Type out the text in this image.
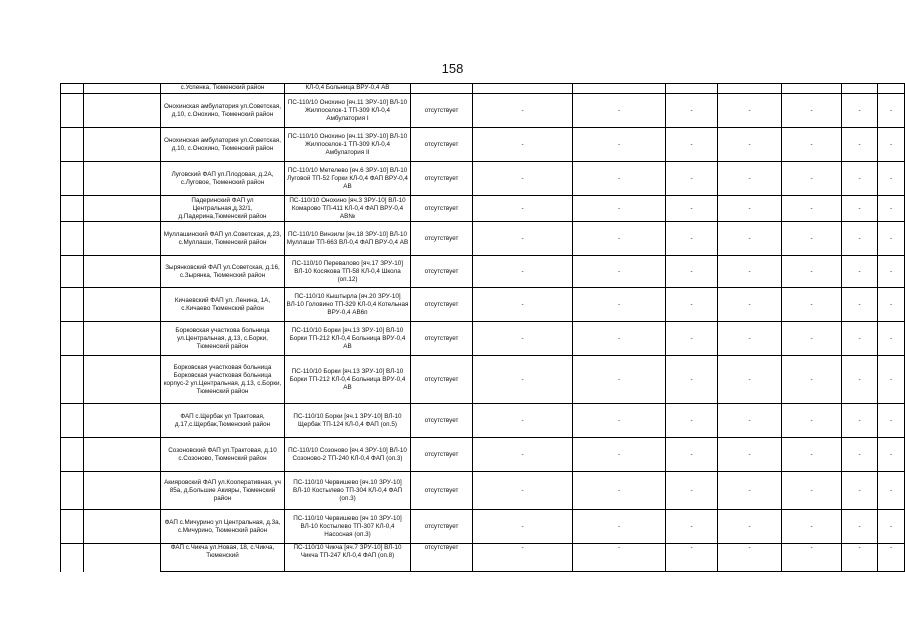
158
		с.Успенка, Тюменский район	КЛ-0,4 Больница ВРУ-0,4 АВ									
		Онохинская амбулатория ул.Советская, д.10, с.Онохино, Тюменский район	ПС-110/10 Онохино [яч.11 ЗРУ-10] ВЛ-10 Жилпоселок-1 ТП-309 КЛ-0,4 Амбулатория I	отсутствует	-	-	-	-	-	-	-	
		Онохинская амбулатория ул.Советская, д.10, с.Онохино, Тюменский район	ПС-110/10 Онохино [яч.11 ЗРУ-10] ВЛ-10 Жилпоселок-1 ТП-309 КЛ-0,4 Амбулатория II	отсутствует	-	-	-	-	-	-	-	
		Луговский ФАП ул.Плодовая, д.2А, с.Луговое, Тюменский район	ПС-110/10 Метелево [яч.6 ЗРУ-10] ВЛ-10 Луговой ТП-52 Горки КЛ-0,4 ФАП ВРУ-0,4 АВ	отсутствует	-	-	-	-	-	-	-	
		Падеринский ФАП ул Центральная,д.32/1, д.Падерина,Тюменский район	ПС-110/10 Онохино [яч.3 ЗРУ-10] ВЛ-10 Комарово ТП-411 КЛ-0,4 ФАП ВРУ-0,4 АВ№	отсутствует	-	-	-	-	-	-	-	
		Муллашинский ФАП ул.Советская, д.23, с.Муллаши, Тюменский район	ПС-110/10 Винзили [яч.18 ЗРУ-10] ВЛ-10 Муллаши ТП-663 ВЛ-0,4 ФАП ВРУ-0,4 АВ	отсутствует	-	-	-	-	-	-	-	
		Зырянковский ФАП ул.Советская, д.16, с.Зырянка, Тюменский район	ПС-110/10 Перевалово [яч.17 ЗРУ-10] ВЛ-10 Косякова ТП-58 КЛ-0,4 Школа (оп.12)	отсутствует	-	-	-	-	-	-	-	
		Кичаевский ФАП ул. Ленина, 1А, с.Кичаево Тюменский район	ПС-110/10 Кыштырла [яч.20 ЗРУ-10] ВЛ-10 Головино ТП-329 КЛ-0,4 Котельная ВРУ-0,4 АВ6п	отсутствует	-	-	-	-	-	-	-	
		Борковская участкова больница ул.Центральная, д.13, с.Борки, Тюменский район	ПС-110/10 Борки [яч.13 ЗРУ-10] ВЛ-10 Борки ТП-212 КЛ-0,4 Больница ВРУ-0,4 АВ	отсутствует	-	-	-	-	-	-	-	
		Борковская участковая больница Борковская участковая больница корпус-2 ул.Центральная, д.13, с.Борки, Тюменский район	ПС-110/10 Борки [яч.13 ЗРУ-10] ВЛ-10 Борки ТП-212 КЛ-0,4 Больница ВРУ-0,4 АВ	отсутствует	-	-	-	-	-	-	-	
		ФАП с.Щербак ул Трактовая, д.17,с.Щербак,Тюменский район	ПС-110/10 Борки [яч.1 ЗРУ-10] ВЛ-10 Щербак ТП-124 КЛ-0,4 ФАП (оп.5)	отсутствует	-	-	-	-	-	-	-	
		Созоновский ФАП ул.Трактовая, д.10 с.Созоново, Тюменский район	ПС-110/10 Созоново [яч.4 ЗРУ-10] ВЛ-10 Созоново-2 ТП-240 КЛ-0,4 ФАП (оп.3)	отсутствует	-	-	-	-	-	-	-	
		Акияровский ФАП ул.Кооперативная, уч 85а, д.Большие Акияры, Тюменский район	ПС-110/10 Червишево [яч.10 ЗРУ-10] ВЛ-10 Костылево ТП-304 КЛ-0,4 ФАП (оп.3)	отсутствует	-	-	-	-	-	-	-	
		ФАП с.Мичурино ул Центральная, д.3а, с.Мичурино, Тюменский район	ПС-110/10 Червишево [яч 10 ЗРУ-10] ВЛ-10 Костылево ТП-307 КЛ-0,4 Насосная (оп.3)	отсутствует	-	-	-	-	-	-	-	
		ФАП с.Чикча ул.Новая, 18, с.Чикча, Тюменский	ПС-110/10 Чикча [яч.7 ЗРУ-10] ВЛ-10 Чикча ТП-247 КЛ-0,4 ФАП (оп.8)	отсутствует	-	-	-	-	-	-	-	
